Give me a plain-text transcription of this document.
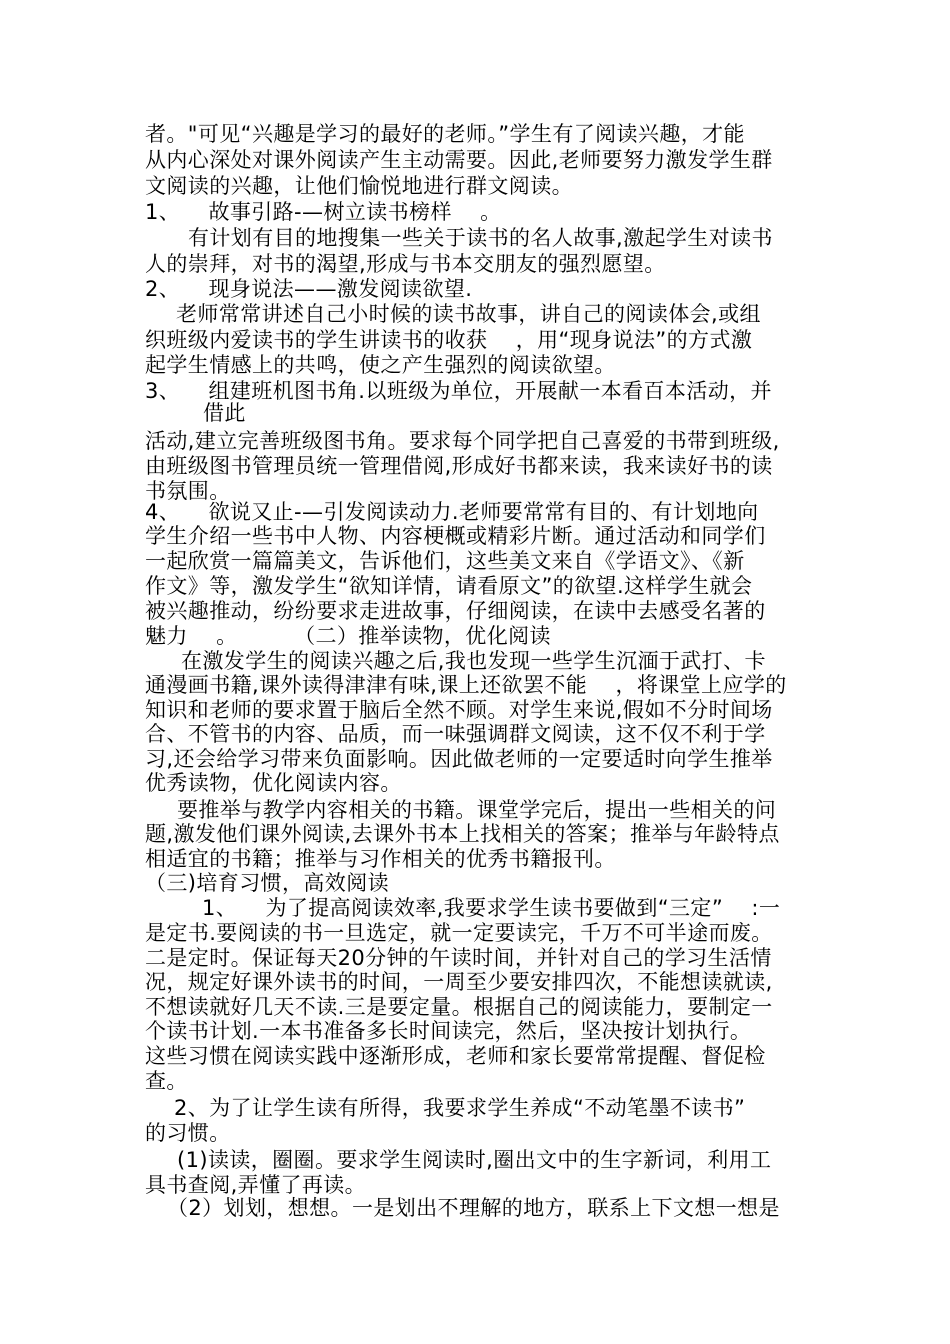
者。"可见“兴趣是学习的最好的老师。”学生有了阅读兴趣，才能
从内心深处对课外阅读产生主动需要。因此,老师要努力激发学生群
文阅读的兴趣，让他们愉悦地进行群文阅读。
1、    故事引路-—树立读书榜样    。
有计划有目的地搜集一些关于读书的名人故事,激起学生对读书
人的崇拜，对书的渴望,形成与书本交朋友的强烈愿望。
2、    现身说法——激发阅读欲望.
老师常常讲述自己小时候的读书故事，讲自己的阅读体会,或组
织班级内爱读书的学生讲读书的收获    ，用“现身说法”的方式激
起学生情感上的共鸣，使之产生强烈的阅读欲望。
3、    组建班机图书角.以班级为单位，开展献一本看百本活动，并
借此
活动,建立完善班级图书角。要求每个同学把自己喜爱的书带到班级,
由班级图书管理员统一管理借阅,形成好书都来读，我来读好书的读
书氛围。
4、    欲说又止-—引发阅读动力.老师要常常有目的、有计划地向
学生介绍一些书中人物、内容梗概或精彩片断。通过活动和同学们
一起欣赏一篇篇美文，告诉他们，这些美文来自《学语文》、《新
作文》等，激发学生“欲知详情，请看原文”的欲望.这样学生就会
被兴趣推动，纷纷要求走进故事，仔细阅读，在读中去感受名著的
魅力    。        （二）推举读物，优化阅读
在激发学生的阅读兴趣之后,我也发现一些学生沉湎于武打、卡
通漫画书籍,课外读得津津有味,课上还欲罢不能    ，将课堂上应学的
知识和老师的要求置于脑后全然不顾。对学生来说,假如不分时间场
合、不管书的内容、品质，而一味强调群文阅读，这不仅不利于学
习,还会给学习带来负面影响。因此做老师的一定要适时向学生推举
优秀读物，优化阅读内容。
要推举与教学内容相关的书籍。课堂学完后，提出一些相关的问
题,激发他们课外阅读,去课外书本上找相关的答案；推举与年龄特点
相适宜的书籍；推举与习作相关的优秀书籍报刊。
（三)培育习惯，高效阅读
1、    为了提高阅读效率,我要求学生读书要做到“三定”    :一
是定书.要阅读的书一旦选定，就一定要读完，千万不可半途而废。
二是定时。保证每天20分钟的午读时间，并针对自己的学习生活情
况，规定好课外读书的时间，一周至少要安排四次，不能想读就读,
不想读就好几天不读.三是要定量。根据自己的阅读能力，要制定一
个读书计划.一本书准备多长时间读完，然后，坚决按计划执行。
这些习惯在阅读实践中逐渐形成，老师和家长要常常提醒、督促检
查。
2、为了让学生读有所得，我要求学生养成“不动笔墨不读书”
的习惯。
(1)读读，圈圈。要求学生阅读时,圈出文中的生字新词，利用工
具书查阅,弄懂了再读。
（2）划划，想想。一是划出不理解的地方，联系上下文想一想是
